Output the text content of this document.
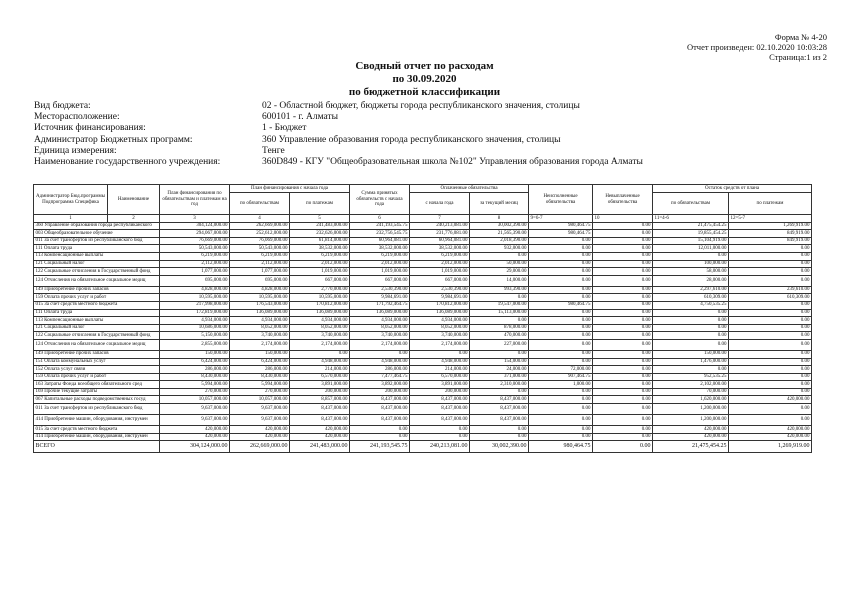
Форма № 4-20
Отчет произведен: 02.10.2020 10:03:28
Страница:1 из 2
Сводный отчет по расходам
по 30.09.2020
по бюджетной классификации
Вид бюджета:	02 - Областной бюджет, бюджеты города республиканского значения, столицы
Месторасположение:	600101 - г. Алматы
Источник финансирования:	1 - Бюджет
Администратор Бюджетных программ:	360 Управление образования города республиканского значения, столицы
Единица измерения:	Тенге
Наименование государственного учреждения:	360D849 - КГУ "Общеобразовательная школа №102" Управления образования города Алматы
Администратор Бюд.программы Подпрограмма Специфика	Наименование	План финансирования по обязательствам и платежам на год	План финансирования с начала года		Сумма принятых обязательств с начала года	Оплаченные обязательства		Неисполненные обязательства	Невыплаченные обязательства	Остаток средств от плана	
			по обязательствам	по платежам		с начала года	за текущий месяц			по обязательствам	по платежам
1	2	3	4	5	6	7	8	9=6-7	10	11=4-6	12=5-7
360 Управление образования города республиканского		304,124,000.00	262,669,000.00	241,483,000.00	241,193,545.75	240,213,081.00	30,002,390.00	980,464.75	0.00	21,475,454.25	1,269,919.00
003 Общеобразовательное обучение		294,067,000.00	252,612,000.00	232,626,000.00	232,756,545.75	231,776,081.00	21,565,390.00	980,464.75	0.00	19,855,454.25	849,919.00
011 За счет трансфертов из республиканского бюд		76,669,000.00	76,069,000.00	61,814,000.00	60,964,081.00	60,964,081.00	2,018,390.00	0.00	0.00	15,104,919.00	849,919.00
111 Оплата труда		50,543,000.00	50,543,000.00	38,532,000.00	38,532,000.00	38,532,000.00	932,000.00	0.00	0.00	12,011,000.00	0.00
113 Компенсационные выплаты		6,219,000.00	6,219,000.00	6,219,000.00	6,219,000.00	6,219,000.00	0.00	0.00	0.00	0.00	0.00
121 Социальный налог		2,112,000.00	2,112,000.00	2,012,000.00	2,012,000.00	2,012,000.00	50,000.00	0.00	0.00	100,000.00	0.00
122 Социальные отчисления в Государственный фонд		1,077,000.00	1,077,000.00	1,019,000.00	1,019,000.00	1,019,000.00	29,000.00	0.00	0.00	58,000.00	0.00
124 Отчисления на обязательное социальное медиц		695,000.00	695,000.00	667,000.00	667,000.00	667,000.00	14,000.00	0.00	0.00	28,000.00	0.00
149 Приобретение прочих запасов		4,828,000.00	4,828,000.00	2,770,000.00	2,530,390.00	2,530,390.00	993,390.00	0.00	0.00	2,297,610.00	239,610.00
159 Оплата прочих услуг и работ		10,595,000.00	10,595,000.00	10,595,000.00	9,984,691.00	9,984,691.00	0.00	0.00	0.00	610,309.00	610,309.00
015 За счет средств местного бюджета		217,998,000.00	176,543,000.00	170,812,000.00	171,792,464.75	170,812,000.00	19,547,000.00	980,464.75	0.00	4,750,535.25	0.00
111 Оплата труда		172,819,000.00	136,089,000.00	136,089,000.00	136,089,000.00	136,089,000.00	15,113,000.00	0.00	0.00	0.00	0.00
113 Компенсационные выплаты		4,934,000.00	4,934,000.00	4,934,000.00	4,934,000.00	4,934,000.00	0.00	0.00	0.00	0.00	0.00
121 Социальный налог		10,686,000.00	8,052,000.00	8,052,000.00	8,052,000.00	8,052,000.00	878,000.00	0.00	0.00	0.00	0.00
122 Социальные отчисления в Государственный фонд		5,150,000.00	3,740,000.00	3,740,000.00	3,740,000.00	3,740,000.00	470,000.00	0.00	0.00	0.00	0.00
124 Отчисления на обязательное социальное медиц		2,855,000.00	2,174,000.00	2,174,000.00	2,174,000.00	2,174,000.00	227,000.00	0.00	0.00	0.00	0.00
149 Приобретение прочих запасов		150,000.00	150,000.00	0.00	0.00	0.00	0.00	0.00	0.00	150,000.00	0.00
151 Оплата коммунальных услуг		6,424,000.00	6,424,000.00	4,948,000.00	4,948,000.00	4,948,000.00	154,000.00	0.00	0.00	1,476,000.00	0.00
152 Оплата услуг связи		286,000.00	286,000.00	214,000.00	286,000.00	214,000.00	24,000.00	72,000.00	0.00	0.00	0.00
159 Оплата прочих услуг и работ		8,430,000.00	8,430,000.00	6,570,000.00	7,477,464.75	6,570,000.00	371,000.00	907,464.75	0.00	952,535.25	0.00
163 Затраты Фонда всеобщего обязательного сред		5,994,000.00	5,994,000.00	3,891,000.00	3,892,000.00	3,891,000.00	2,310,000.00	1,000.00	0.00	2,102,000.00	0.00
169 Прочие текущие затраты		270,000.00	270,000.00	200,000.00	200,000.00	200,000.00	0.00	0.00	0.00	70,000.00	0.00
067 Капитальные расходы подведомственных госуд		10,057,000.00	10,057,000.00	8,857,000.00	8,437,000.00	8,437,000.00	8,437,000.00	0.00	0.00	1,620,000.00	420,000.00
011 За счет трансфертов из республиканского бюд		9,637,000.00	9,637,000.00	8,437,000.00	8,437,000.00	8,437,000.00	8,437,000.00	0.00	0.00	1,200,000.00	0.00
414 Приобретение машин, оборудования, инструмен		9,637,000.00	9,637,000.00	8,437,000.00	8,437,000.00	8,437,000.00	8,437,000.00	0.00	0.00	1,200,000.00	0.00
015 За счет средств местного бюджета		420,000.00	420,000.00	420,000.00	0.00	0.00	0.00	0.00	0.00	420,000.00	420,000.00
414 Приобретение машин, оборудования, инструмен		420,000.00	420,000.00	420,000.00	0.00	0.00	0.00	0.00	0.00	420,000.00	420,000.00
ВСЕГО		304,124,000.00	262,669,000.00	241,483,000.00	241,193,545.75	240,213,081.00	30,002,390.00	980,464.75	0.00	21,475,454.25	1,269,919.00
